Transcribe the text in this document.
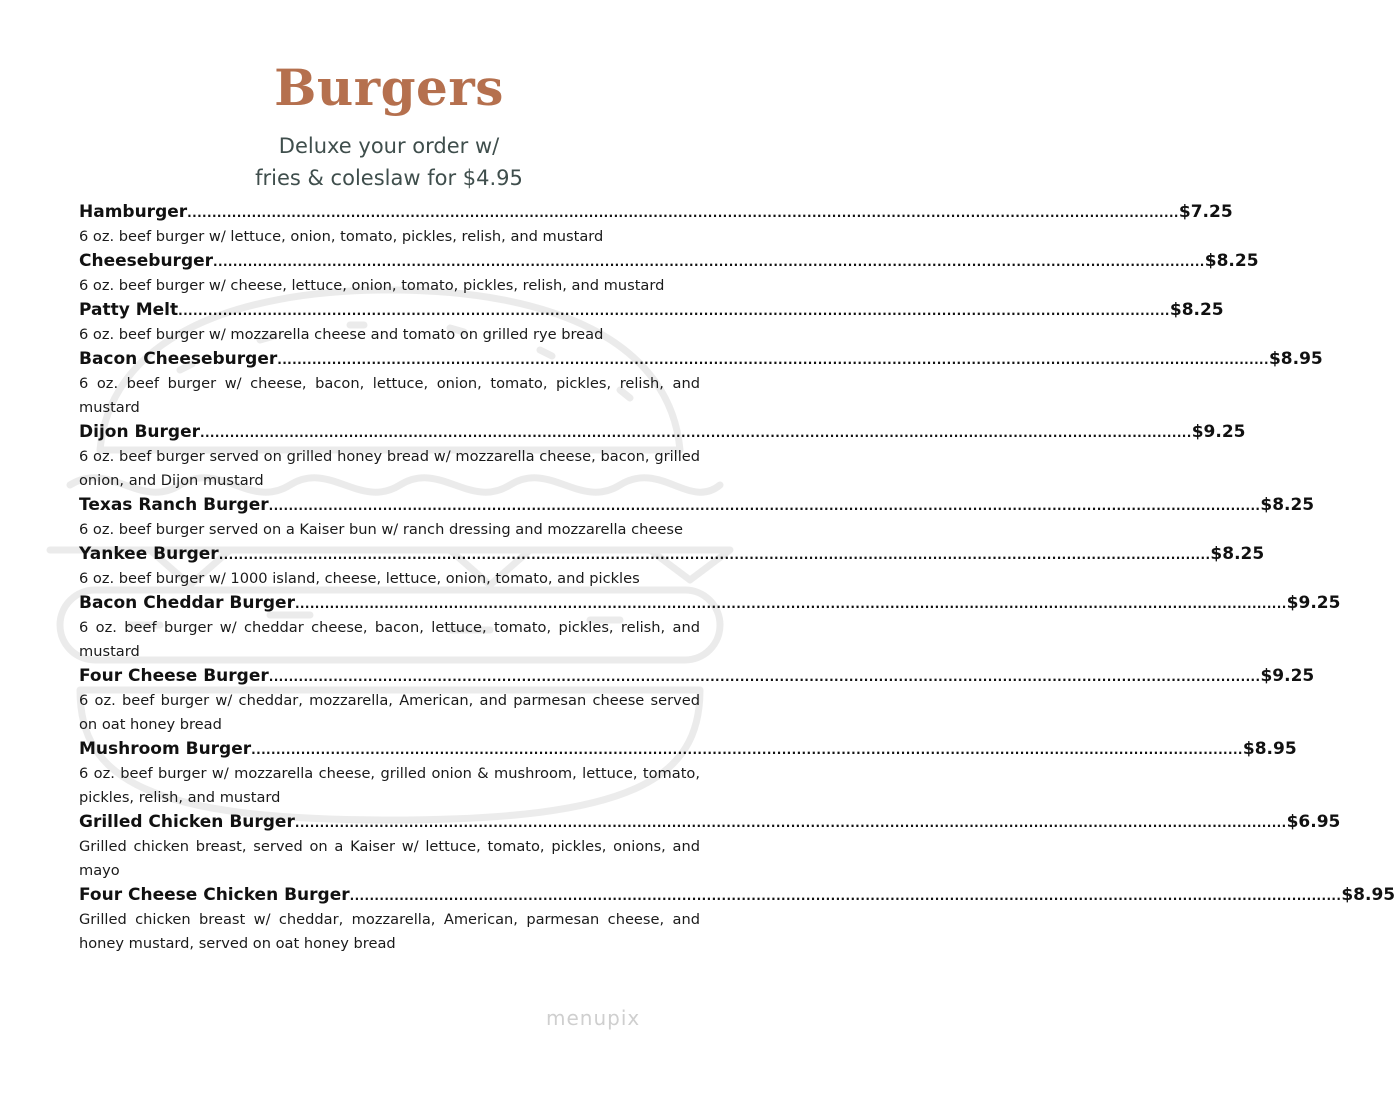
Burgers
Deluxe your order w/
fries & coleslaw for $4.95
Hamburger ........................................................................................................................................................................................................ $7.25
6 oz. beef burger w/ lettuce, onion, tomato, pickles, relish, and mustard
Cheeseburger ........................................................................................................................................................................................................ $8.25
6 oz. beef burger w/ cheese, lettuce, onion, tomato, pickles, relish, and mustard
Patty Melt ........................................................................................................................................................................................................ $8.25
6 oz. beef burger w/ mozzarella cheese and tomato on grilled rye bread
Bacon Cheeseburger ........................................................................................................................................................................................................ $8.95
6 oz. beef burger w/ cheese, bacon, lettuce, onion, tomato, pickles, relish, and mustard
Dijon Burger ........................................................................................................................................................................................................ $9.25
6 oz. beef burger served on grilled honey bread w/ mozzarella cheese, bacon, grilled onion, and Dijon mustard
Texas Ranch Burger ........................................................................................................................................................................................................ $8.25
6 oz. beef burger served on a Kaiser bun w/ ranch dressing and mozzarella cheese
Yankee Burger ........................................................................................................................................................................................................ $8.25
6 oz. beef burger w/ 1000 island, cheese, lettuce, onion, tomato, and pickles
Bacon Cheddar Burger ........................................................................................................................................................................................................ $9.25
6 oz. beef burger w/ cheddar cheese, bacon, lettuce, tomato, pickles, relish, and mustard
Four Cheese Burger ........................................................................................................................................................................................................ $9.25
6 oz. beef burger w/ cheddar, mozzarella, American, and parmesan cheese served on oat honey bread
Mushroom Burger ........................................................................................................................................................................................................ $8.95
6 oz. beef burger w/ mozzarella cheese, grilled onion & mushroom, lettuce, tomato, pickles, relish, and mustard
Grilled Chicken Burger ........................................................................................................................................................................................................ $6.95
Grilled chicken breast, served on a Kaiser w/ lettuce, tomato, pickles, onions, and mayo
Four Cheese Chicken Burger ........................................................................................................................................................................................................ $8.95
Grilled chicken breast w/ cheddar, mozzarella, American, parmesan cheese, and honey mustard, served on oat honey bread
menupix
